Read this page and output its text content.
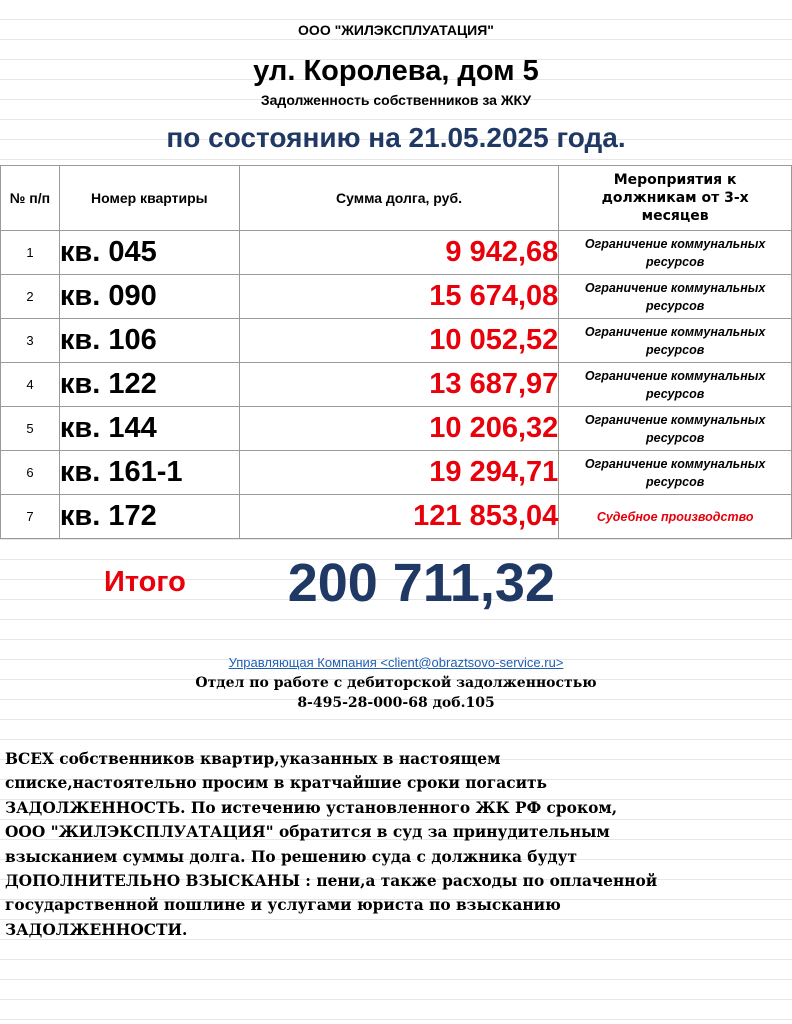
ООО "ЖИЛЭКСПЛУАТАЦИЯ"
ул. Королева, дом 5
Задолженность собственников за ЖКУ
по состоянию на 21.05.2025 года.
№ п/п	Номер квартиры	Сумма долга, руб.	Мероприятия к
должникам от 3-х
месяцев

1	кв. 045	9 942,68	Ограничение коммунальных
ресурсов

2	кв. 090	15 674,08	Ограничение коммунальных
ресурсов

3	кв. 106	10 052,52	Ограничение коммунальных
ресурсов

4	кв. 122	13 687,97	Ограничение коммунальных
ресурсов

5	кв. 144	10 206,32	Ограничение коммунальных
ресурсов

6	кв. 161-1	19 294,71	Ограничение коммунальных
ресурсов

7	кв. 172	121 853,04	Судебное производство
Итого	200 711,32
Управляющая Компания <client@obraztsovo-service.ru>
Отдел по работе с дебиторской задолженностью
8-495-28-000-68 доб.105
ВСЕХ собственников квартир,указанных в настоящем
списке,настоятельно просим в кратчайшие сроки погасить
ЗАДОЛЖЕННОСТЬ. По истечению установленного ЖК РФ сроком,
ООО "ЖИЛЭКСПЛУАТАЦИЯ" обратится в суд за принудительным
взысканием суммы долга. По решению суда с должника будут
ДОПОЛНИТЕЛЬНО ВЗЫСКАНЫ : пени,а также расходы по оплаченной
государственной пошлине и услугами юриста по взысканию
ЗАДОЛЖЕННОСТИ.
